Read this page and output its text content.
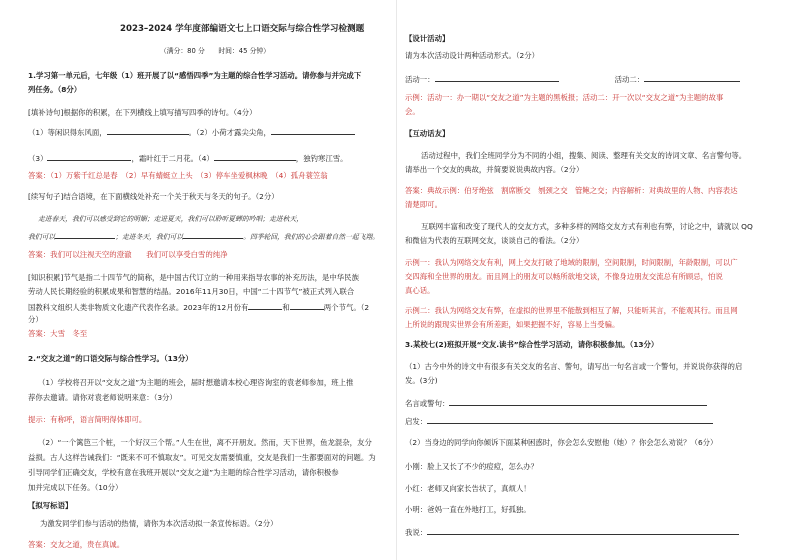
2023–2024 学年度部编语文七上口语交际与综合性学习检测题
（满分：80 分　　时间：45 分钟）
1.学习第一单元后，七年级（1）班开展了以“感悟四季”为主题的综合性学习活动。请你参与并完成下
列任务。（8分）
[填补诗句]根据你的积累，在下列横线上填写描写四季的诗句。（4分）
（1）等闲识得东风面，	。（2）小荷才露尖尖角，
（3）	，霜叶红于二月花。（4）	，独钓寒江雪。
答案：（1）万紫千红总是春　（2）早有蜻蜓立上头　（3）停车坐爱枫林晚　（4）孤舟蓑笠翁
[续写句子]结合语境，在下面横线处补充一个关于秋天与冬天的句子。（2分）
走进春天，我们可以感受到它的明媚；走进夏天，我们可以聆听夏蝉的吟唱；走进秋天，
我们可以	；走进冬天，我们可以	。四季轮回，我们的心会跟着自然一起飞翔。
答案：我们可以注视天空的澄澈　　我们可以享受白雪的纯净
[知识积累]节气是指二十四节气的简称，是中国古代订立的一种用来指导农事的补充历法，是中华民族
劳动人民长期经验的积累成果和智慧的结晶。2016年11月30日，中国“二十四节气”被正式列入联合
国教科文组织人类非物质文化遗产代表作名录。2023年的12月份有	和	两个节气。（2
分）
答案：大雪　冬至
2.“交友之道”的口语交际与综合性学习。（13分）
（1）学校将召开以“交友之道”为主题的班会，届时想邀请本校心理咨询室的袁老师参加，班上推
荐你去邀请。请你对袁老师说明来意：（3分）
提示：有称呼，语言简明得体即可。
（2）“一个篱笆三个桩，一个好汉三个帮。”人生在世，离不开朋友。然而，天下世界，鱼龙混杂，友分
益损。古人这样告诫我们：“既来不可不慎取友”。可见交友需要慎重，交友是我们一生都要面对的问题。为
引导同学们正确交友，学校有意在我班开展以“交友之道”为主题的综合性学习活动，请你积极参
加并完成以下任务。（10分）
【拟写标语】
为激发同学们参与活动的热情，请你为本次活动拟一条宣传标语。（2分）
答案：交友之道，贵在真诚。
【设计活动】
请为本次活动设计两种活动形式。（2分）
活动一：	活动二：
示例：活动一：办一期以“交友之道”为主题的黑板报；活动二：开一次以“交友之道”为主题的故事
会。
【互动话友】
活动过程中，我们全班同学分为不同的小组，搜集、阅读、整理有关交友的诗词文章、名言警句等。
请举出一个交友的典故，并简要说说典故内容。（2分）
答案：典故示例：伯牙绝弦　割席断交　刎颈之交　管鲍之交；内容解析：对典故里的人物、内容表达
清楚即可。
互联网丰富和改变了现代人的交友方式，多种多样的网络交友方式有利也有弊，讨论之中，请就以 QQ
和微信为代表的互联网交友，谈谈自己的看法。（2分）
示例一：我认为网络交友有利，网上交友打破了地域的限制，空间限制，时间限制，年龄限制，可以广
交四海和全世界的朋友。而且网上的朋友可以畅所欲地交谈，不像身边朋友交流总有所顾忌，怕说
真心话。
示例二：我认为网络交友有弊，在虚拟的世界里不能散到相互了解，只能听其言，不能观其行。而且网
上所说的跟现实世界会有所差距，如果把握不好，容易上当受骗。
3.某校七(2)班拟开展“交友.读书”综合性学习活动，请你积极参加。（13分）
（1）古今中外的诗文中有很多有关交友的名言、警句，请写出一句名言或一个警句，并说说你获得的启
发。(3分)
名言或警句：
启发：
（2）当身边的同学向你倾诉下面某种困惑时，你会怎么安慰他（她）？你会怎么劝说？（6分）
小刚：脸上又长了不少的痘痘，怎么办？
小红：老师又向家长告状了，真烦人！
小明：爸妈一直在外地打工，好孤独。
我说：
